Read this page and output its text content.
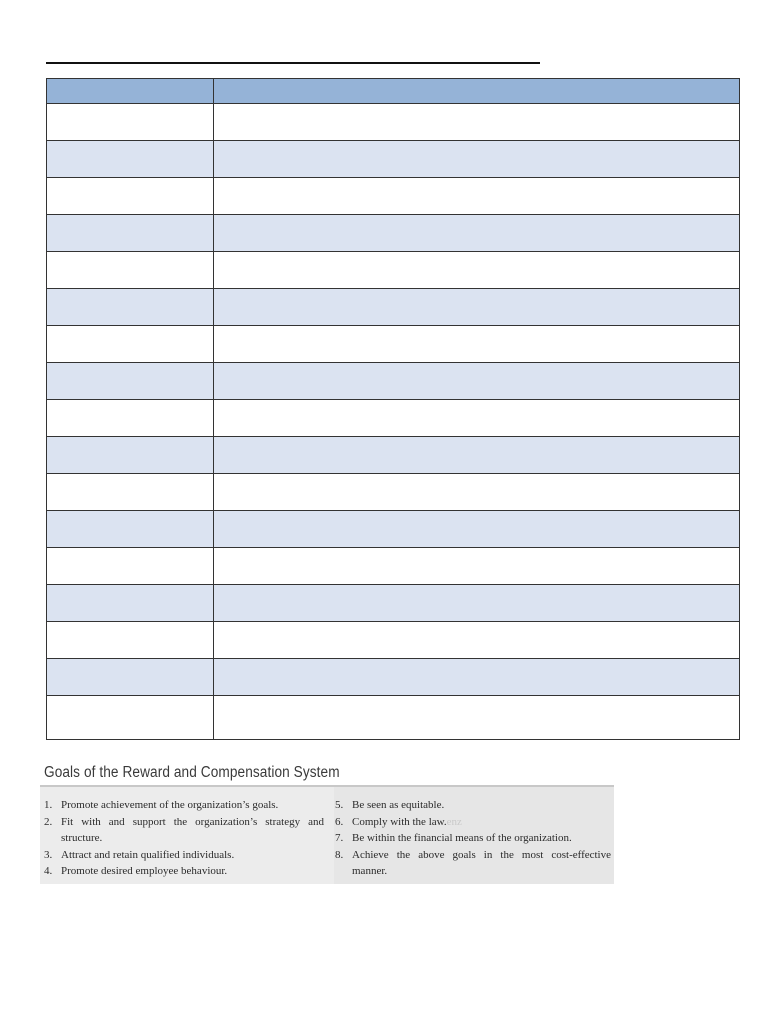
Goals of the Reward and Compensation System
1. Promote achievement of the organization’s goals.
2. Fit with and support the organization’s strategy and structure.
3. Attract and retain qualified individuals.
4. Promote desired employee behaviour.
5. Be seen as equitable.
6. Comply with the law.enz
7. Be within the financial means of the organization.
8. Achieve the above goals in the most cost-effective manner.
